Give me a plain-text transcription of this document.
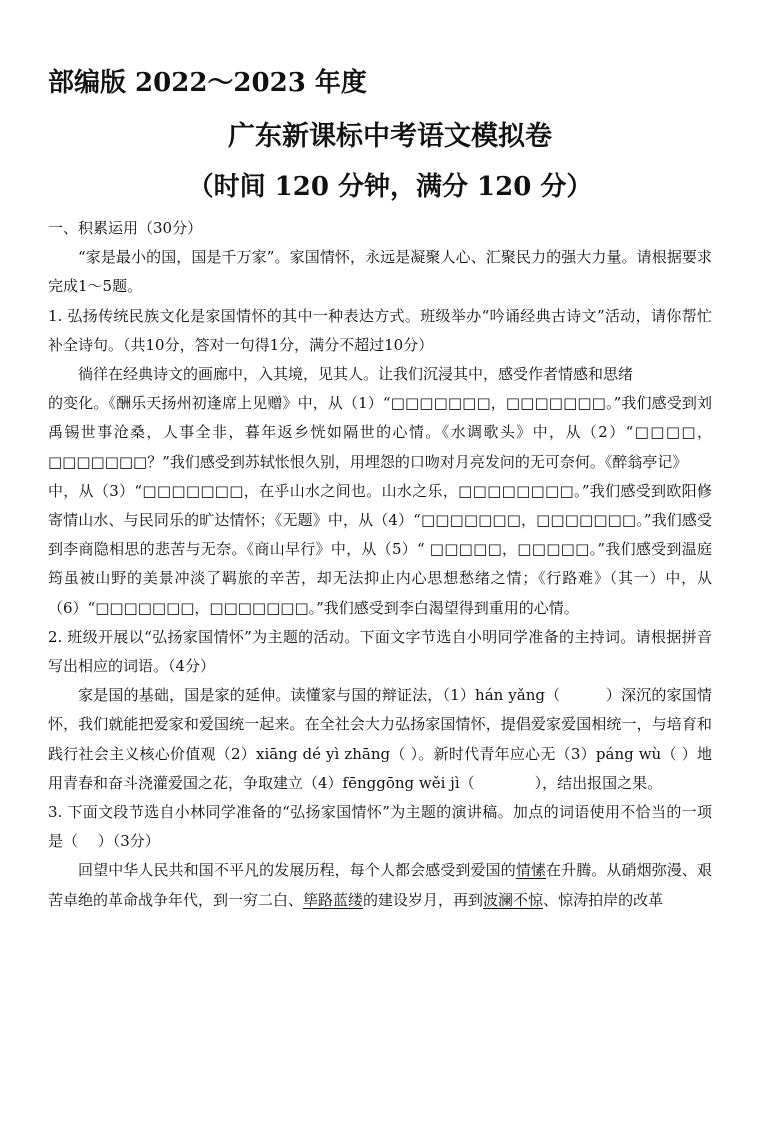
部编版 2022～2023 年度
广东新课标中考语文模拟卷
（时间 120 分钟，满分 120 分）

一、积累运用（30分）

“家是最小的国，国是千万家”。家国情怀，永远是凝聚人心、汇聚民力的强大力量。请根据要求完成1～5题。

1. 弘扬传统民族文化是家国情怀的其中一种表达方式。班级举办“吟诵经典古诗文”活动，请你帮忙补全诗句。（共10分，答对一句得1分，满分不超过10分）

徜徉在经典诗文的画廊中，入其境，见其人。让我们沉浸其中，感受作者情感和思绪

的变化。《酬乐天扬州初逢席上见赠》中，从（1）“□□□□□□□，□□□□□□□。”我们感受到刘禹锡世事沧桑，人事全非，暮年返乡恍如隔世的心情。《水调歌头》中，从（2）“□□□□，□□□□□□□？”我们感受到苏轼怅恨久别，用埋怨的口吻对月亮发问的无可奈何。《醉翁亭记》

中，从（3）“□□□□□□□，在乎山水之间也。山水之乐，□□□□□□□□。”我们感受到欧阳修寄情山水、与民同乐的旷达情怀；《无题》中，从（4）“□□□□□□□，□□□□□□□。”我们感受到李商隐相思的悲苦与无奈。《商山早行》中，从（5）“ □□□□□，□□□□□。”我们感受到温庭筠虽被山野的美景冲淡了羁旅的辛苦，却无法抑止内心思想愁绪之情；《行路难》（其一）中，从（6）“□□□□□□□，□□□□□□□。”我们感受到李白渴望得到重用的心情。

2. 班级开展以“弘扬家国情怀”为主题的活动。下面文字节选自小明同学准备的主持词。请根据拼音写出相应的词语。（4分）

家是国的基础，国是家的延伸。读懂家与国的辩证法，（1）hán yǎng（　　　）深沉的家国情怀，我们就能把爱家和爱国统一起来。在全社会大力弘扬家国情怀，提倡爱家爱国相统一，与培育和践行社会主义核心价值观（2）xiāng dé yì zhāng（ ）。新时代青年应心无（3）páng wù（ ）地用青春和奋斗浇灌爱国之花，争取建立（4）fēnggōng wěi jì（　　　　），结出报国之果。

3. 下面文段节选自小林同学准备的“弘扬家国情怀”为主题的演讲稿。加点的词语使用不恰当的一项是（　 ）（3分）

回望中华人民共和国不平凡的发展历程，每个人都会感受到爱国的情愫在升腾。从硝烟弥漫、艰苦卓绝的革命战争年代，到一穷二白、筚路蓝缕的建设岁月，再到波澜不惊、惊涛拍岸的改革
